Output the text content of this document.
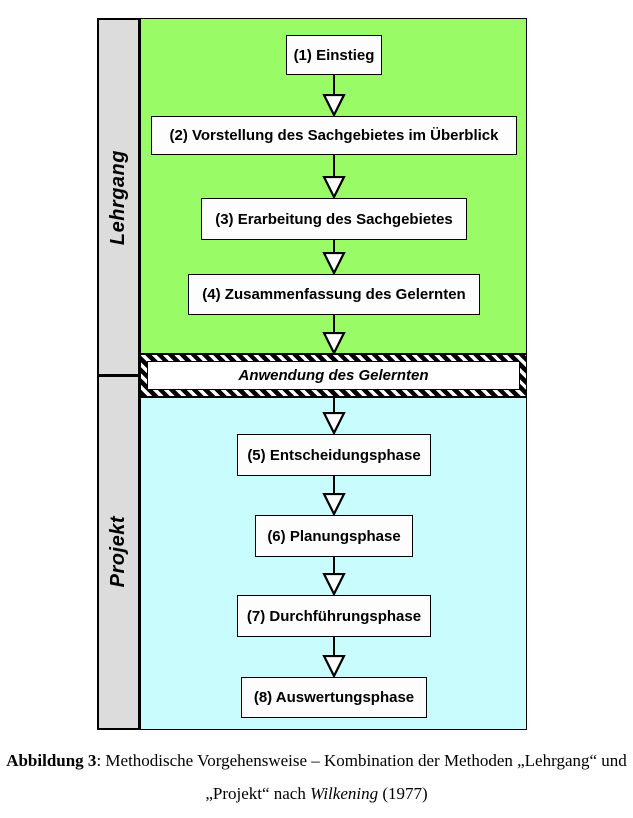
Anwendung des Gelernten
Lehrgang
Projekt
(1) Einstieg
(2) Vorstellung des Sachgebietes im Überblick
(3) Erarbeitung des Sachgebietes
(4) Zusammenfassung des Gelernten
(5) Entscheidungsphase
(6) Planungsphase
(7) Durchführungsphase
(8) Auswertungsphase
Abbildung 3: Methodische Vorgehensweise – Kombination der Methoden „Lehrgang“ und
„Projekt“ nach Wilkening (1977)
